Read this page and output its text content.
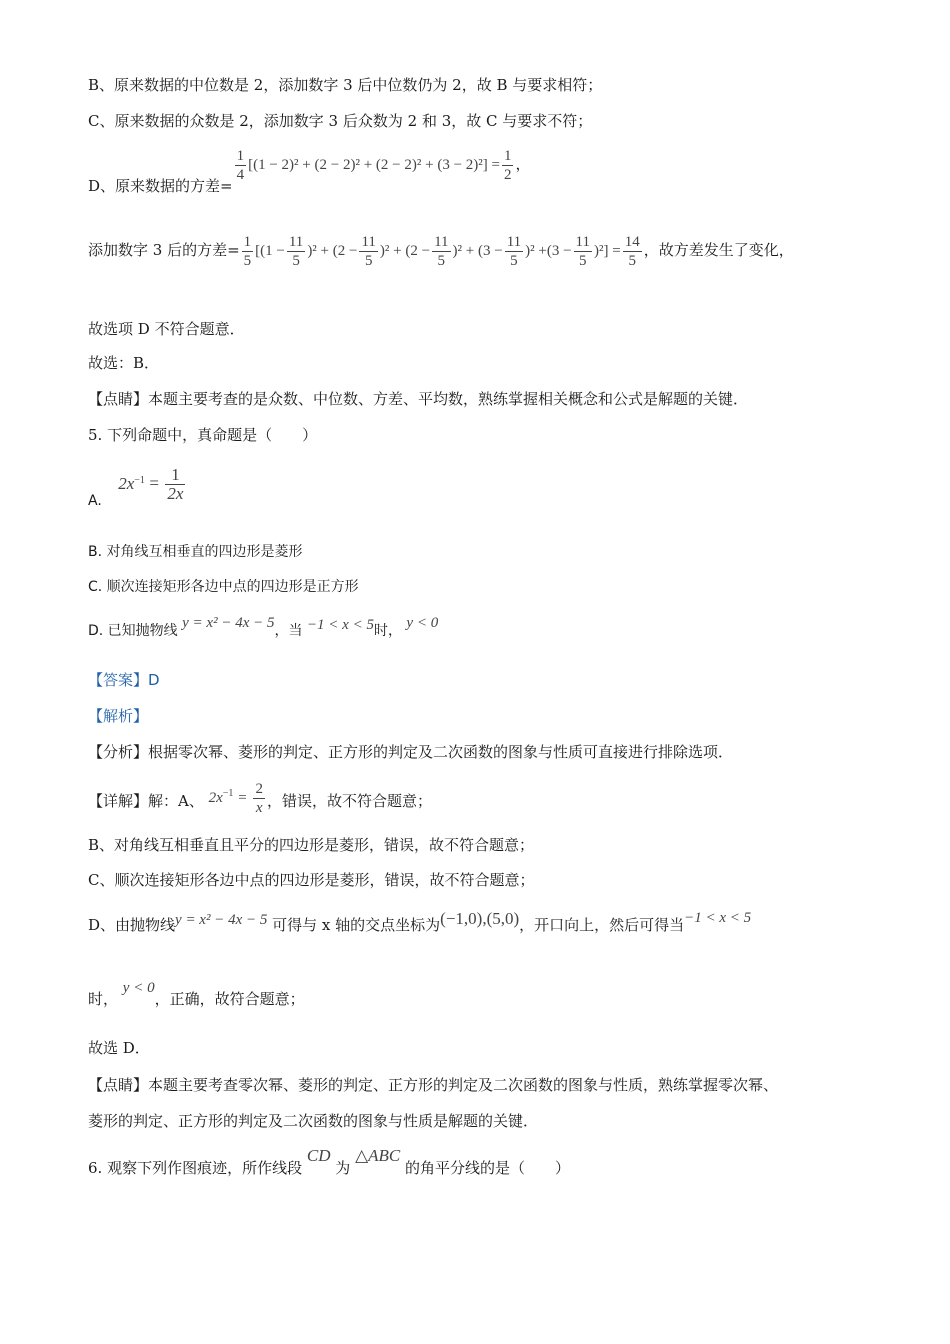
B、原来数据的中位数是 2，添加数字 3 后中位数仍为 2，故 B 与要求相符；
C、原来数据的众数是 2，添加数字 3 后众数为 2 和 3，故 C 与要求不符；
D、原来数据的方差=
$\frac{1}{4} [(1 - 2)^2 + (2 - 2)^2 + (2 - 2)^2 + (3 - 2)^2] = \frac{1}{2}$ ，
添加数字 3 后的方差= $\frac{1}{5} [(1 - \frac{11}{5} )^2 + (2 - \frac{11}{5} )^2 + (2 - \frac{11}{5} )^2 + (3 - \frac{11}{5} )^2 +(3 - \frac{11}{5} )^2] = \frac{14}{5}$ ，故方差发生了变化，
故选项 D 不符合题意．
故选：B．
【点睛】本题主要考查的是众数、中位数、方差、平均数，熟练掌握相关概念和公式是解题的关键．
5. 下列命题中，真命题是（　　）
A. $2x^{-1} = \frac{1}{2x}$
B. 对角线互相垂直的四边形是菱形
C. 顺次连接矩形各边中点的四边形是正方形
D. 已知抛物线 y = x² − 4x − 5，当 −1 < x < 5时， y < 0
【答案】D
【解析】
【分析】根据零次幂、菱形的判定、正方形的判定及二次函数的图象与性质可直接进行排除选项．
【详解】解：A、 $2x^{-1} = \frac{2}{x}$ ，错误，故不符合题意；
B、对角线互相垂直且平分的四边形是菱形，错误，故不符合题意；
C、顺次连接矩形各边中点的四边形是菱形，错误，故不符合题意；
D、由抛物线y = x² − 4x − 5 可得与 x 轴的交点坐标为(−1,0),(5,0)，开口向上，然后可得当−1 < x < 5
时， y < 0，正确，故符合题意；
故选 D．
【点睛】本题主要考查零次幂、菱形的判定、正方形的判定及二次函数的图象与性质，熟练掌握零次幂、
菱形的判定、正方形的判定及二次函数的图象与性质是解题的关键．
6. 观察下列作图痕迹，所作线段 CD 为 △ABC 的角平分线的是（　　）
